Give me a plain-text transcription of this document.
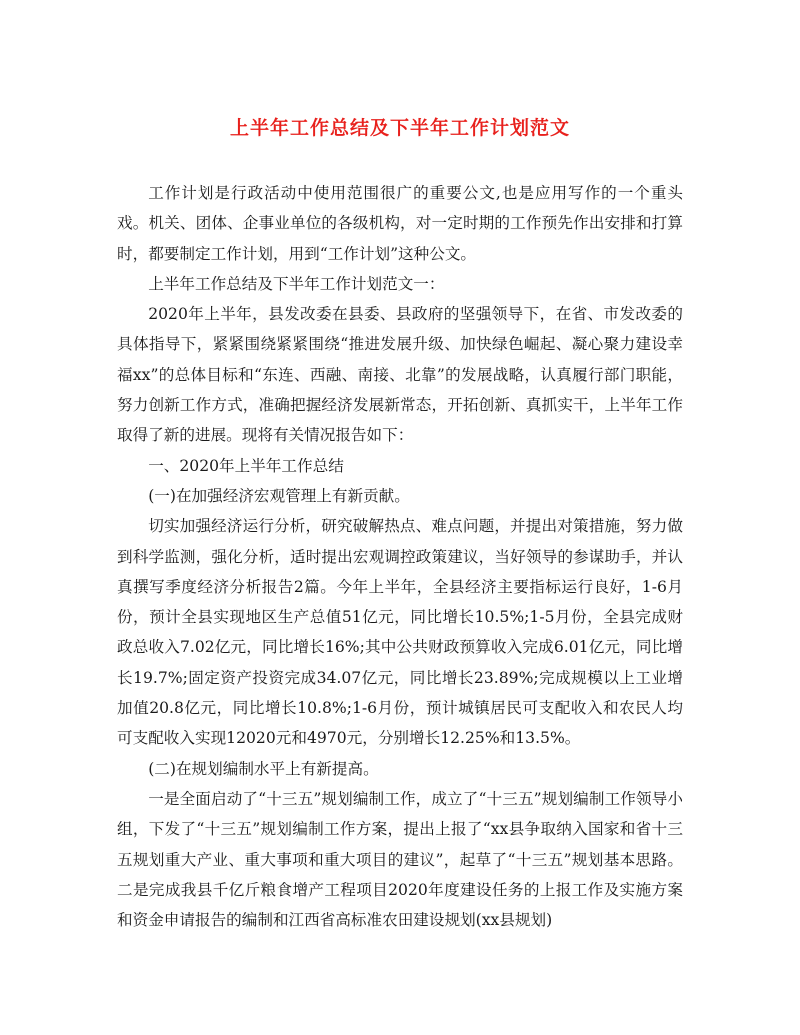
上半年工作总结及下半年工作计划范文

工作计划是行政活动中使用范围很广的重要公文,也是应用写作的一个重头戏。机关、团体、企事业单位的各级机构，对一定时期的工作预先作出安排和打算时，都要制定工作计划，用到“工作计划”这种公文。

上半年工作总结及下半年工作计划范文一：

2020年上半年，县发改委在县委、县政府的坚强领导下，在省、市发改委的具体指导下，紧紧围绕紧紧围绕“推进发展升级、加快绿色崛起、凝心聚力建设幸福xx”的总体目标和“东连、西融、南接、北靠”的发展战略，认真履行部门职能，努力创新工作方式，准确把握经济发展新常态，开拓创新、真抓实干，上半年工作取得了新的进展。现将有关情况报告如下：

一、2020年上半年工作总结

(一)在加强经济宏观管理上有新贡献。

切实加强经济运行分析，研究破解热点、难点问题，并提出对策措施，努力做到科学监测，强化分析，适时提出宏观调控政策建议，当好领导的参谋助手，并认真撰写季度经济分析报告2篇。今年上半年，全县经济主要指标运行良好，1-6月份，预计全县实现地区生产总值51亿元，同比增长10.5%;1-5月份，全县完成财政总收入7.02亿元，同比增长16%;其中公共财政预算收入完成6.01亿元，同比增长19.7%;固定资产投资完成34.07亿元，同比增长23.89%;完成规模以上工业增加值20.8亿元，同比增长10.8%;1-6月份，预计城镇居民可支配收入和农民人均可支配收入实现12020元和4970元，分别增长12.25%和13.5%。

(二)在规划编制水平上有新提高。

一是全面启动了“十三五”规划编制工作，成立了“十三五”规划编制工作领导小组，下发了“十三五”规划编制工作方案，提出上报了“xx县争取纳入国家和省十三五规划重大产业、重大事项和重大项目的建议”，起草了“十三五”规划基本思路。二是完成我县千亿斤粮食增产工程项目2020年度建设任务的上报工作及实施方案和资金申请报告的编制和江西省高标准农田建设规划(xx县规划)
